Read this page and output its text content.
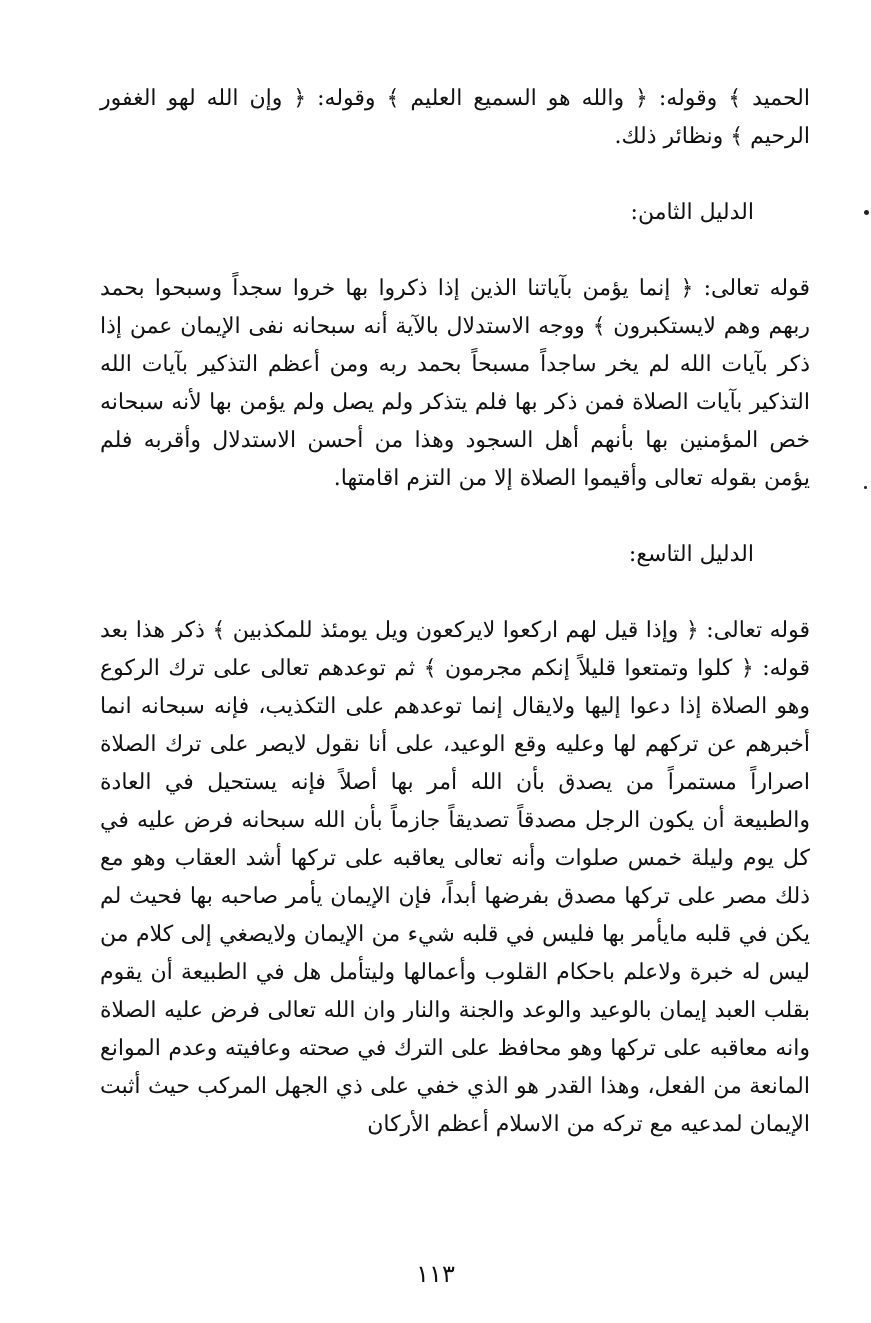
الحميد ﴾ وقوله: ﴿ والله هو السميع العليم ﴾ وقوله: ﴿ وإن الله لهو الغفور الرحيم ﴾ ونظائر ذلك.

الدليل الثامن:

قوله تعالى: ﴿ إنما يؤمن بآياتنا الذين إذا ذكروا بها خروا سجداً وسبحوا بحمد ربهم وهم لايستكبرون ﴾ ووجه الاستدلال بالآية أنه سبحانه نفى الإيمان عمن إذا ذكر بآيات الله لم يخر ساجداً مسبحاً بحمد ربه ومن أعظم التذكير بآيات الله التذكير بآيات الصلاة فمن ذكر بها فلم يتذكر ولم يصل ولم يؤمن بها لأنه سبحانه خص المؤمنين بها بأنهم أهل السجود وهذا من أحسن الاستدلال وأقربه فلم يؤمن بقوله تعالى وأقيموا الصلاة إلا من التزم اقامتها.

الدليل التاسع:

قوله تعالى: ﴿ وإذا قيل لهم اركعوا لايركعون ويل يومئذ للمكذبين ﴾ ذكر هذا بعد قوله: ﴿ كلوا وتمتعوا قليلاً إنكم مجرمون ﴾ ثم توعدهم تعالى على ترك الركوع وهو الصلاة إذا دعوا إليها ولايقال إنما توعدهم على التكذيب، فإنه سبحانه انما أخبرهم عن تركهم لها وعليه وقع الوعيد، على أنا نقول لايصر على ترك الصلاة اصراراً مستمراً من يصدق بأن الله أمر بها أصلاً فإنه يستحيل في العادة والطبيعة أن يكون الرجل مصدقاً تصديقاً جازماً بأن الله سبحانه فرض عليه في كل يوم وليلة خمس صلوات وأنه تعالى يعاقبه على تركها أشد العقاب وهو مع ذلك مصر على تركها مصدق بفرضها أبداً، فإن الإيمان يأمر صاحبه بها فحيث لم يكن في قلبه مايأمر بها فليس في قلبه شيء من الإيمان ولايصغي إلى كلام من ليس له خبرة ولاعلم باحكام القلوب وأعمالها وليتأمل هل في الطبيعة أن يقوم بقلب العبد إيمان بالوعيد والوعد والجنة والنار وان الله تعالى فرض عليه الصلاة وانه معاقبه على تركها وهو محافظ على الترك في صحته وعافيته وعدم الموانع المانعة من الفعل، وهذا القدر هو الذي خفي على ذي الجهل المركب حيث أثبت الإيمان لمدعيه مع تركه من الاسلام أعظم الأركان

١١٣
